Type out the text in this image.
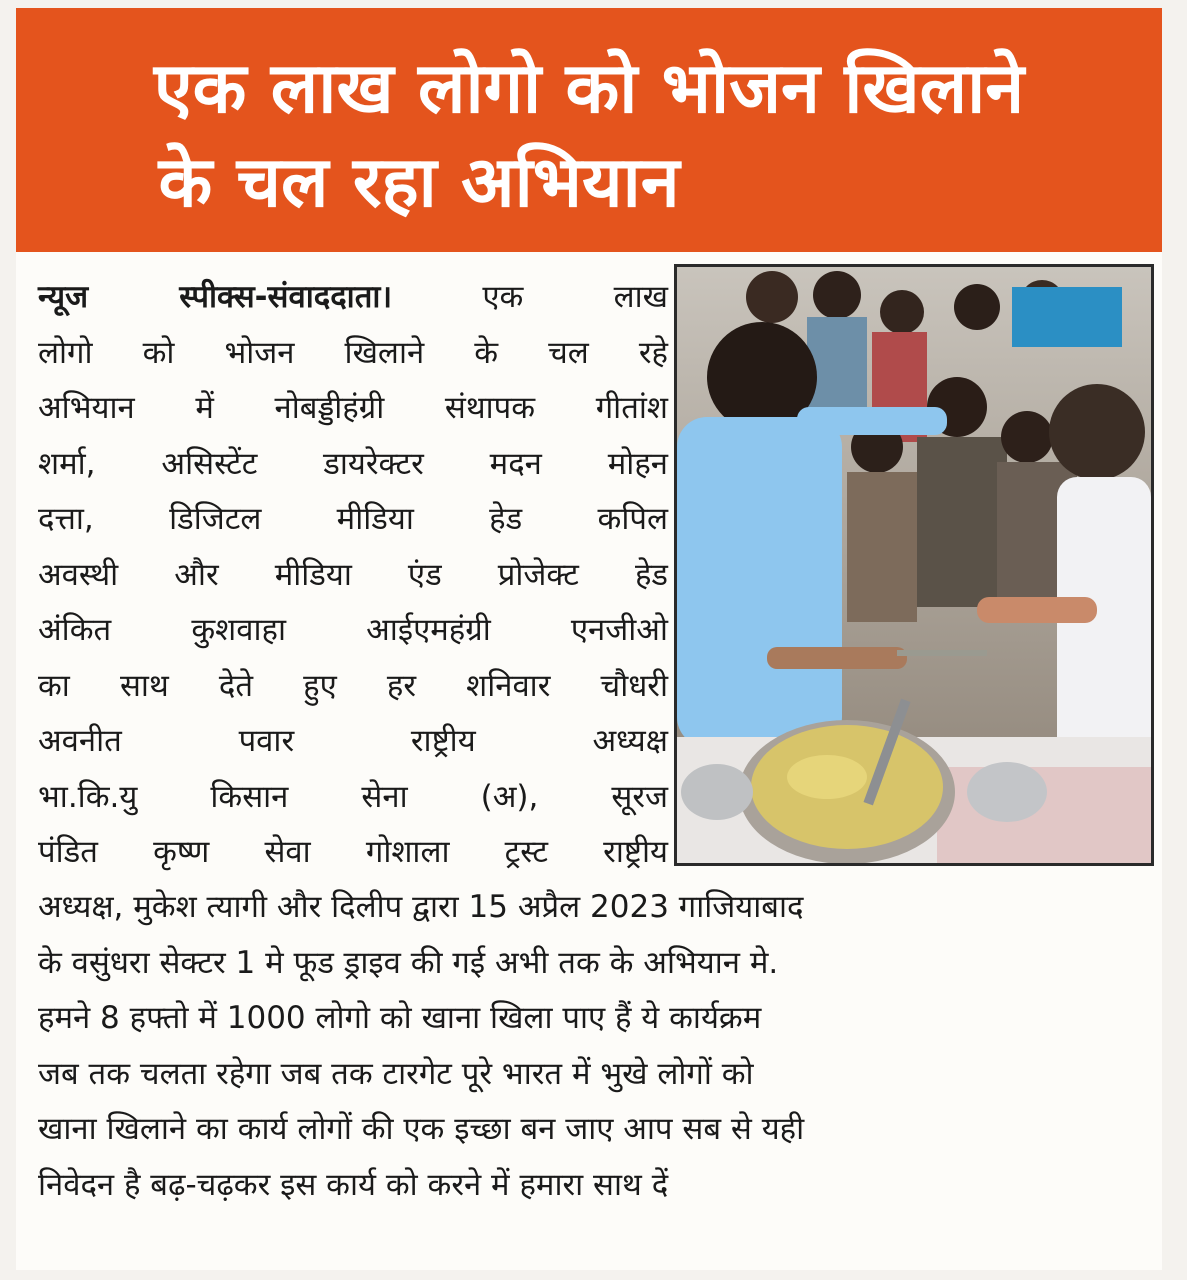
एक लाख लोगो को भोजन खिलाने
के चल रहा अभियान
न्यूज स्पीक्स-संवाददाता।	एक लाख
लोगो को भोजन खिलाने के चल रहे
अभियान में नोबड्डीहंग्री संथापक गीतांश
शर्मा, असिस्टेंट डायरेक्टर मदन मोहन
दत्ता, डिजिटल मीडिया हेड कपिल
अवस्थी और मीडिया एंड प्रोजेक्ट हेड
अंकित कुशवाहा आईएमहंग्री एनजीओ
का साथ देते हुए हर शनिवार चौधरी
अवनीत पवार राष्ट्रीय अध्यक्ष
भा.कि.यु किसान सेना (अ), सूरज
पंडित कृष्ण सेवा गोशाला ट्रस्ट राष्ट्रीय
अध्यक्ष, मुकेश त्यागी और दिलीप द्वारा 15 अप्रैल 2023 गाजियाबाद
के वसुंधरा सेक्टर 1 मे फूड ड्राइव की गई अभी तक के अभियान मे.
हमने 8 हफ्तो में 1000 लोगो को खाना खिला पाए हैं ये कार्यक्रम
जब तक चलता रहेगा जब तक टारगेट पूरे भारत में भुखे लोगों को
खाना खिलाने का कार्य लोगों की एक इच्छा बन जाए आप सब से यही
निवेदन है बढ़-चढ़कर इस कार्य को करने में हमारा साथ दें
